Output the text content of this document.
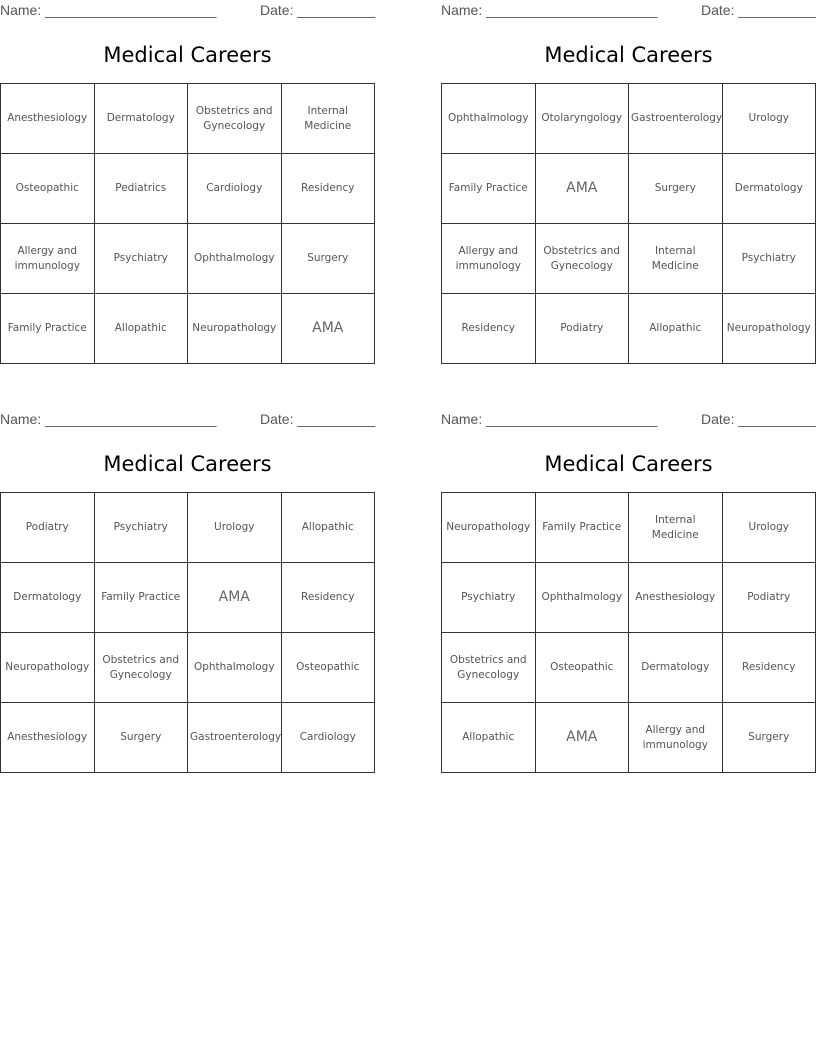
Name: ______________________	Date: __________
Medical Careers
Anesthesiology	Dermatology	Obstetrics and Gynecology	Internal Medicine
Osteopathic	Pediatrics	Cardiology	Residency
Allergy and immunology	Psychiatry	Ophthalmology	Surgery
Family Practice	Allopathic	Neuropathology	AMA
Name: ______________________	Date: __________
Medical Careers
Ophthalmology	Otolaryngology	Gastroenterology	Urology
Family Practice	AMA	Surgery	Dermatology
Allergy and immunology	Obstetrics and Gynecology	Internal Medicine	Psychiatry
Residency	Podiatry	Allopathic	Neuropathology
Name: ______________________	Date: __________
Medical Careers
Podiatry	Psychiatry	Urology	Allopathic
Dermatology	Family Practice	AMA	Residency
Neuropathology	Obstetrics and Gynecology	Ophthalmology	Osteopathic
Anesthesiology	Surgery	Gastroenterology	Cardiology
Name: ______________________	Date: __________
Medical Careers
Neuropathology	Family Practice	Internal Medicine	Urology
Psychiatry	Ophthalmology	Anesthesiology	Podiatry
Obstetrics and Gynecology	Osteopathic	Dermatology	Residency
Allopathic	AMA	Allergy and immunology	Surgery
